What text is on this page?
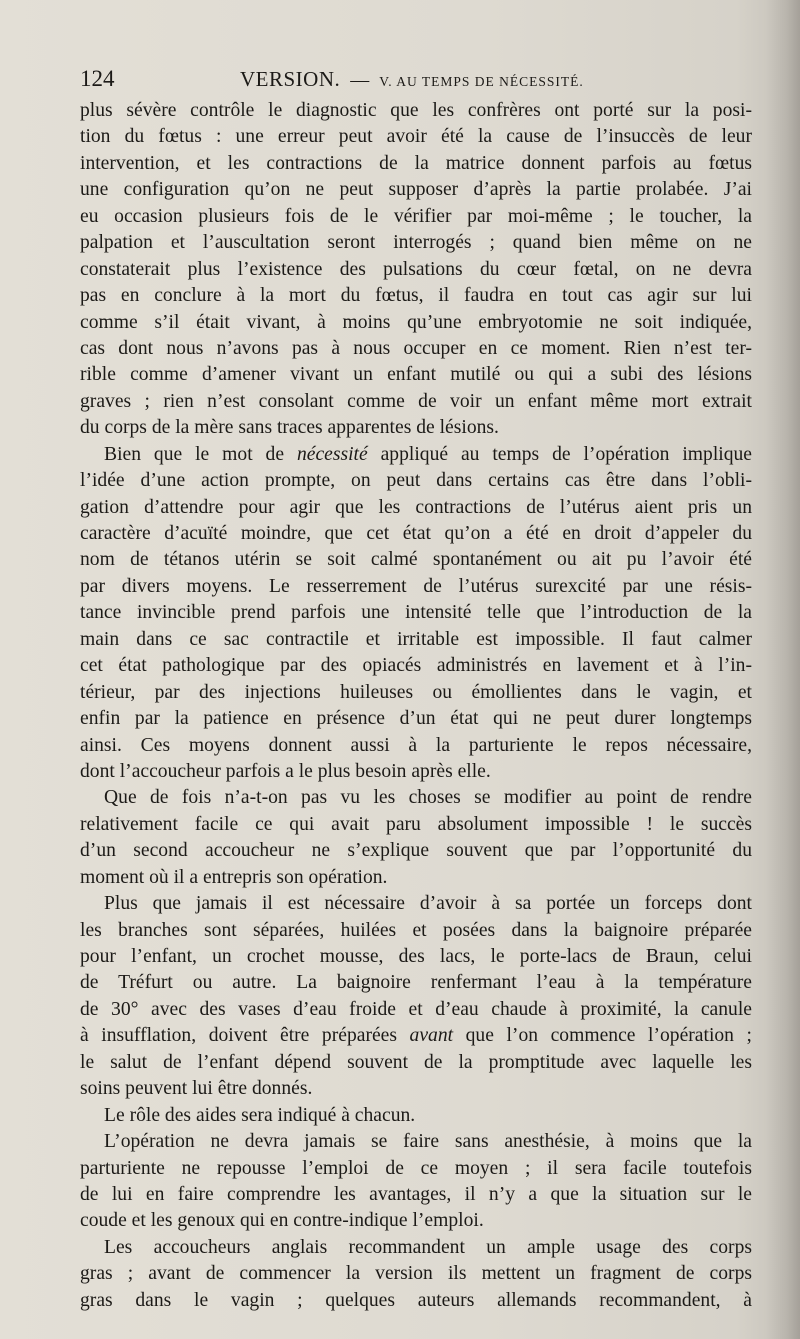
124	VERSION. — V. AU TEMPS DE NÉCESSITÉ.
plus sévère contrôle le diagnostic que les confrères ont porté sur la posi-
tion du fœtus : une erreur peut avoir été la cause de l’insuccès de leur
intervention, et les contractions de la matrice donnent parfois au fœtus
une configuration qu’on ne peut supposer d’après la partie prolabée. J’ai
eu occasion plusieurs fois de le vérifier par moi-même ; le toucher, la
palpation et l’auscultation seront interrogés ; quand bien même on ne
constaterait plus l’existence des pulsations du cœur fœtal, on ne devra
pas en conclure à la mort du fœtus, il faudra en tout cas agir sur lui
comme s’il était vivant, à moins qu’une embryotomie ne soit indiquée,
cas dont nous n’avons pas à nous occuper en ce moment. Rien n’est ter-
rible comme d’amener vivant un enfant mutilé ou qui a subi des lésions
graves ; rien n’est consolant comme de voir un enfant même mort extrait
du corps de la mère sans traces apparentes de lésions.
Bien que le mot de nécessité appliqué au temps de l’opération implique
l’idée d’une action prompte, on peut dans certains cas être dans l’obli-
gation d’attendre pour agir que les contractions de l’utérus aient pris un
caractère d’acuïté moindre, que cet état qu’on a été en droit d’appeler du
nom de tétanos utérin se soit calmé spontanément ou ait pu l’avoir été
par divers moyens. Le resserrement de l’utérus surexcité par une résis-
tance invincible prend parfois une intensité telle que l’introduction de la
main dans ce sac contractile et irritable est impossible. Il faut calmer
cet état pathologique par des opiacés administrés en lavement et à l’in-
térieur, par des injections huileuses ou émollientes dans le vagin, et
enfin par la patience en présence d’un état qui ne peut durer longtemps
ainsi. Ces moyens donnent aussi à la parturiente le repos nécessaire,
dont l’accoucheur parfois a le plus besoin après elle.
Que de fois n’a-t-on pas vu les choses se modifier au point de rendre
relativement facile ce qui avait paru absolument impossible ! le succès
d’un second accoucheur ne s’explique souvent que par l’opportunité du
moment où il a entrepris son opération.
Plus que jamais il est nécessaire d’avoir à sa portée un forceps dont
les branches sont séparées, huilées et posées dans la baignoire préparée
pour l’enfant, un crochet mousse, des lacs, le porte-lacs de Braun, celui
de Tréfurt ou autre. La baignoire renfermant l’eau à la température
de 30° avec des vases d’eau froide et d’eau chaude à proximité, la canule
à insufflation, doivent être préparées avant que l’on commence l’opération ;
le salut de l’enfant dépend souvent de la promptitude avec laquelle les
soins peuvent lui être donnés.
Le rôle des aides sera indiqué à chacun.
L’opération ne devra jamais se faire sans anesthésie, à moins que la
parturiente ne repousse l’emploi de ce moyen ; il sera facile toutefois
de lui en faire comprendre les avantages, il n’y a que la situation sur le
coude et les genoux qui en contre-indique l’emploi.
Les accoucheurs anglais recommandent un ample usage des corps
gras ; avant de commencer la version ils mettent un fragment de corps
gras dans le vagin ; quelques auteurs allemands recommandent, à
